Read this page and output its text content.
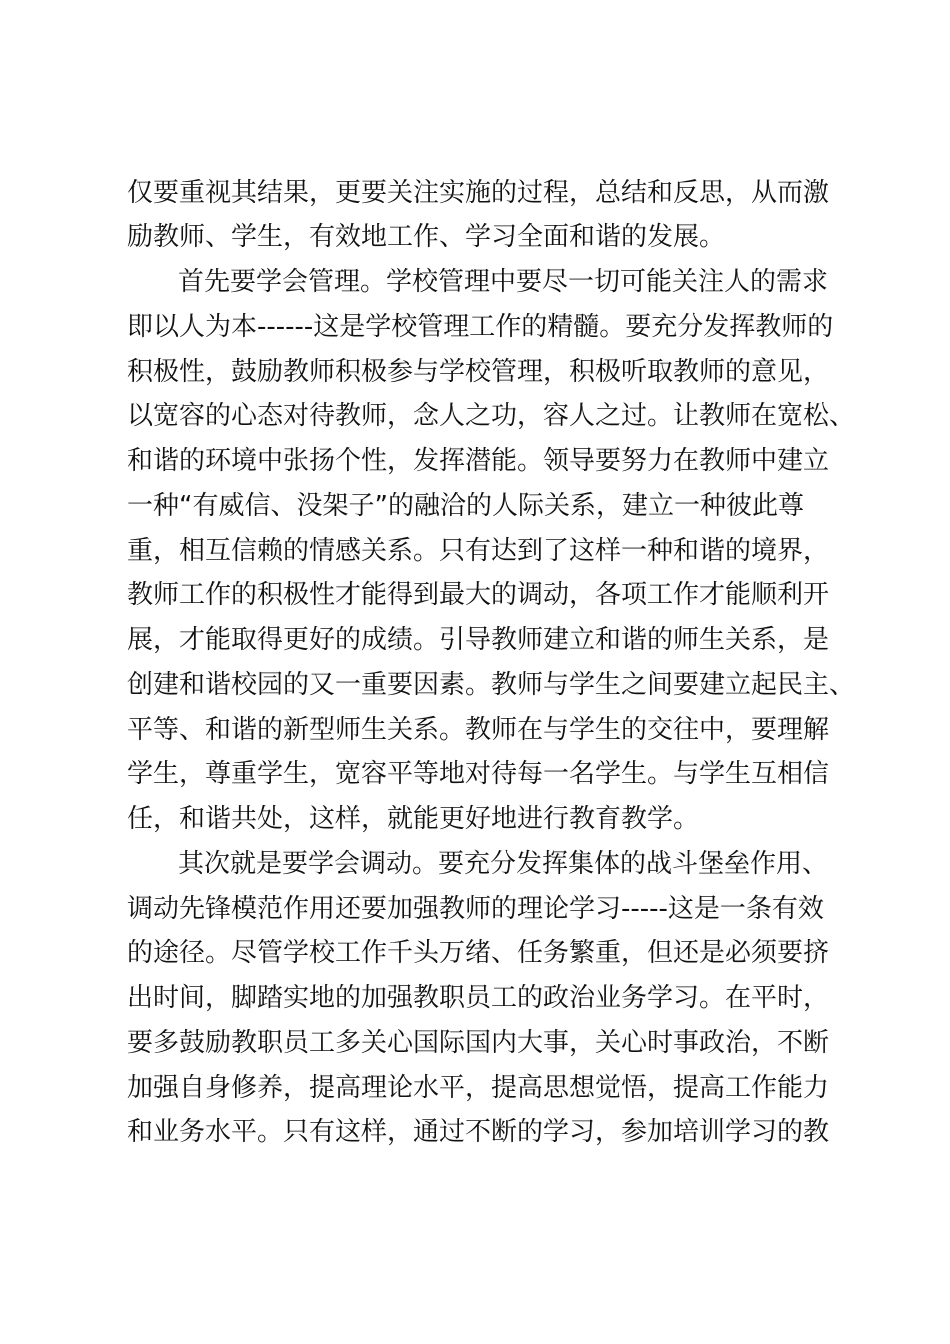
仅要重视其结果，更要关注实施的过程，总结和反思，从而激
励教师、学生，有效地工作、学习全面和谐的发展。
首先要学会管理。学校管理中要尽一切可能关注人的需求
即以人为本------这是学校管理工作的精髓。要充分发挥教师的
积极性，鼓励教师积极参与学校管理，积极听取教师的意见，
以宽容的心态对待教师，念人之功，容人之过。让教师在宽松、
和谐的环境中张扬个性，发挥潜能。领导要努力在教师中建立
一种“有威信、没架子”的融洽的人际关系，建立一种彼此尊
重，相互信赖的情感关系。只有达到了这样一种和谐的境界，
教师工作的积极性才能得到最大的调动，各项工作才能顺利开
展，才能取得更好的成绩。引导教师建立和谐的师生关系，是
创建和谐校园的又一重要因素。教师与学生之间要建立起民主、
平等、和谐的新型师生关系。教师在与学生的交往中，要理解
学生，尊重学生，宽容平等地对待每一名学生。与学生互相信
任，和谐共处，这样，就能更好地进行教育教学。
其次就是要学会调动。要充分发挥集体的战斗堡垒作用、
调动先锋模范作用还要加强教师的理论学习-----这是一条有效
的途径。尽管学校工作千头万绪、任务繁重，但还是必须要挤
出时间，脚踏实地的加强教职员工的政治业务学习。在平时，
要多鼓励教职员工多关心国际国内大事，关心时事政治，不断
加强自身修养，提高理论水平，提高思想觉悟，提高工作能力
和业务水平。只有这样，通过不断的学习，参加培训学习的教
